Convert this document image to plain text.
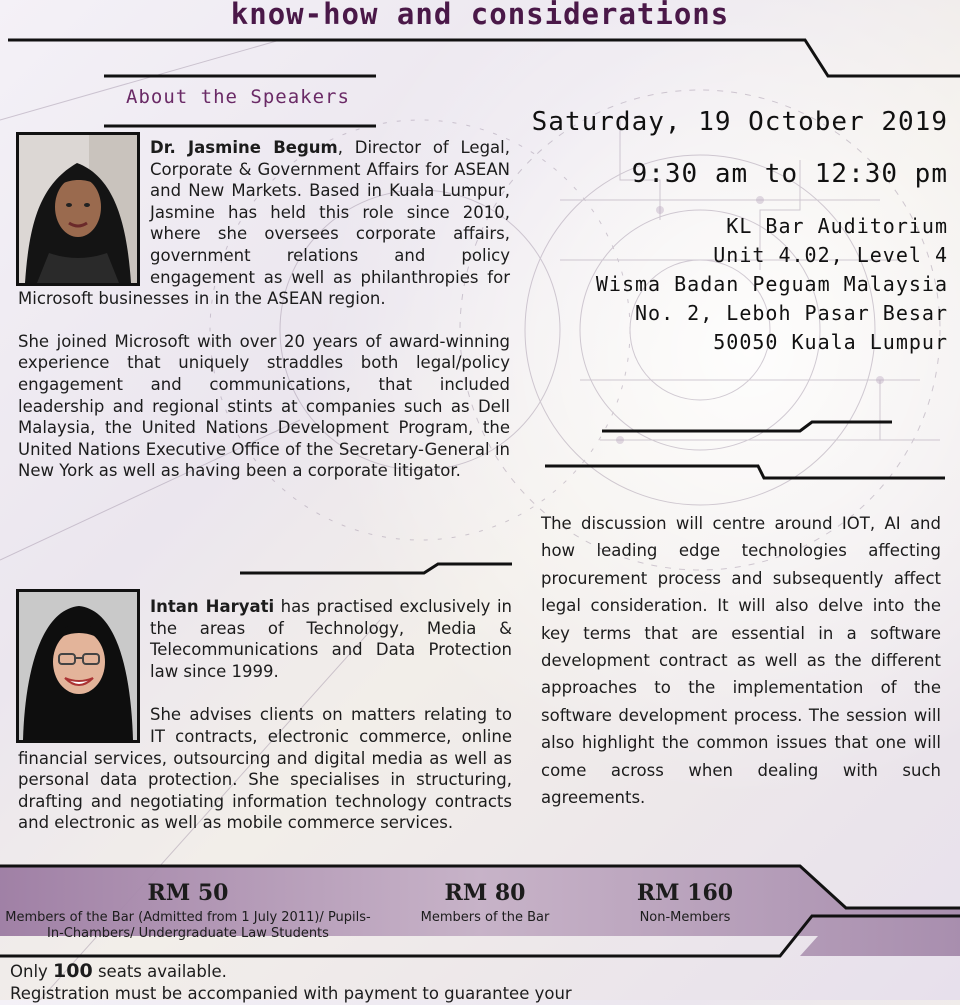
know-how and considerations
About the Speakers
Dr. Jasmine Begum, Director of Legal, Corporate & Government Affairs for ASEAN and New Markets. Based in Kuala Lumpur, Jasmine has held this role since 2010, where she oversees corporate affairs, government relations and policy engagement as well as philanthropies for Microsoft businesses in in the ASEAN region.
She joined Microsoft with over 20 years of award-winning experience that uniquely straddles both legal/policy engagement and communications, that included leadership and regional stints at companies such as Dell Malaysia, the United Nations Development Program, the United Nations Executive Office of the Secretary-General in New York as well as having been a corporate litigator.
Intan Haryati has practised exclusively in the areas of Technology, Media & Telecommunications and Data Protection law since 1999.
She advises clients on matters relating to IT contracts, electronic commerce, online financial services, outsourcing and digital media as well as personal data protection. She specialises in structuring, drafting and negotiating information technology contracts and electronic as well as mobile commerce services.
Saturday, 19 October 2019
9:30 am to 12:30 pm
KL Bar Auditorium
Unit 4.02, Level 4
Wisma Badan Peguam Malaysia
No. 2, Leboh Pasar Besar
50050 Kuala Lumpur
The discussion will centre around IOT, AI and how leading edge technologies affecting procurement process and subsequently affect legal consideration. It will also delve into the key terms that are essential in a software development contract as well as the different approaches to the implementation of the software development process. The session will also highlight the common issues that one will come across when dealing with such agreements.
RM 50
Members of the Bar (Admitted from 1 July 2011)/ Pupils-In-Chambers/ Undergraduate Law Students
RM 80
Members of the Bar
RM 160
Non-Members
Only 100 seats available.
Registration must be accompanied with payment to guarantee your
